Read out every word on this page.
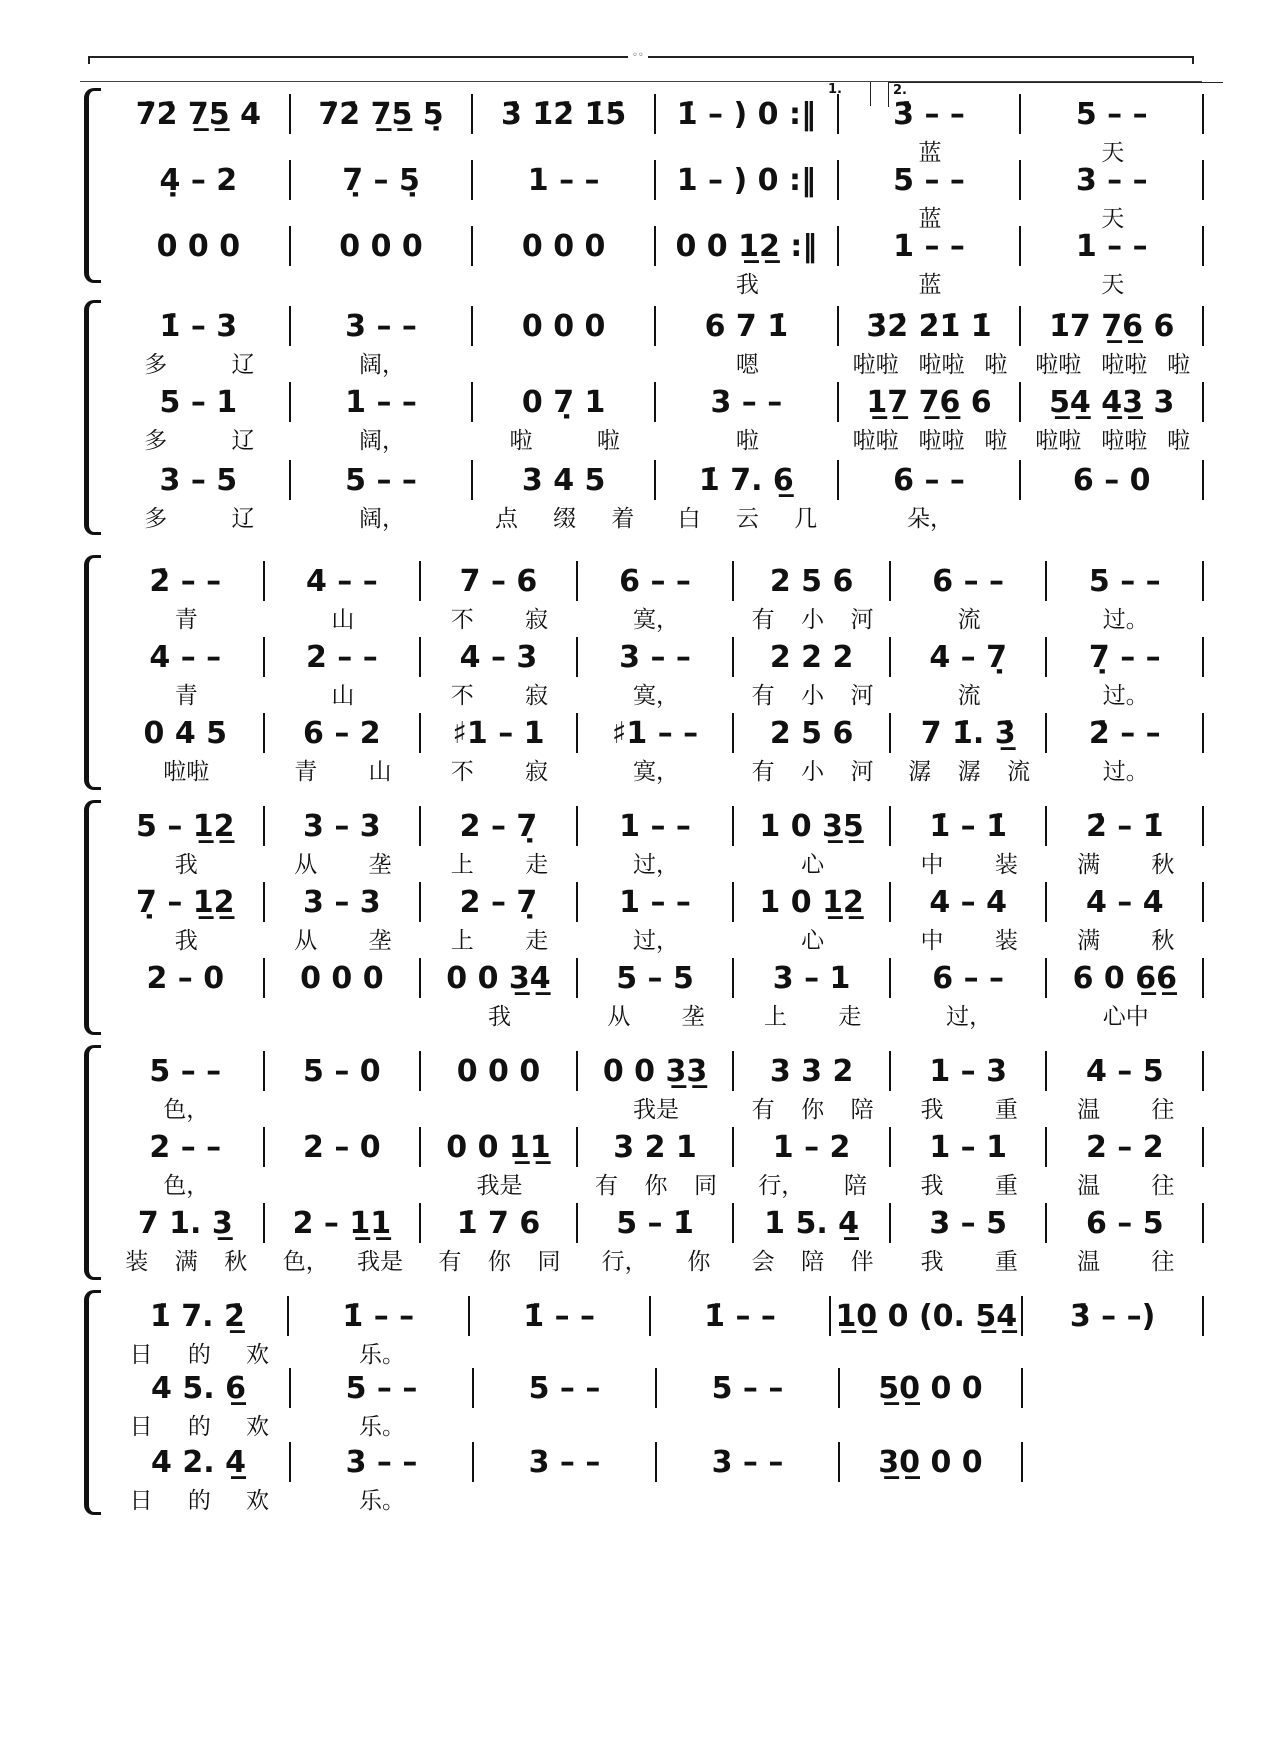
◦◦
1.	2.
7̇2̇ 7̲5̲ 4	7̇2̇ 7̲5̲ 5̣	3̇ 1̇2̇ 1̇5̇	1̇ – ) 0 :‖	3̇ – –	5 – –
蓝	天
4̣ – 2	7̣ – 5̣	1 – –	1 – ) 0 :‖	5 – –	3 – –
蓝	天
0 0 0	0 0 0	0 0 0	0 0 1̲2̲ :‖	1 – –	1 – –
我	蓝	天
1̇ – 3	3 – –	0 0 0	6 7 1̇	3̇2̇ 2̇1̇ 1̇	1̇7 7̲6̲ 6
多	辽	阔，	嗯	啦啦 啦啦 啦 啦啦 啦啦 啦
5 – 1	1 – –	0 7̣ 1	3 – –	1̲7̲ 7̲6̲ 6	5̲4̲ 4̲3̲ 3
多	辽	阔，	啦	啦	啦	啦啦 啦啦 啦 啦啦 啦啦 啦
3 – 5	5 – –	3 4 5	1̇ 7. 6̲	6 – –	6 – 0
多	辽	阔，	点 缀 着 白 云 几	朵，
2̇ – –	4 – –	7 – 6	6 – –	2 5 6	6 – –	5 – –
青	山	不 寂	寞，	有 小 河	流	过。
4 – –	2 – –	4 – 3	3 – –	2 2 2	4 – 7̣	7̣ – –
青	山	不 寂	寞，	有 小 河	流	过。
0 4 5	6 – 2	♯1 – 1	♯1 – –	2 5 6	7 1̇. 3̲̇	2̇ – –
啦啦	青 山	不 寂	寞，	有 小 河 潺 潺 流	过。
5 – 1̲2̲	3 – 3	2 – 7̣	1 – –	1 0 3̲5̲	1̇ – 1̇	2̇ – 1̇
我	从 垄	上 走	过，	心	中 装	满 秋
7̣ – 1̲2̲	3 – 3	2 – 7̣	1 – –	1 0 1̲2̲	4 – 4	4 – 4
我	从 垄	上 走	过，	心	中 装	满 秋
2 – 0	0 0 0	0 0 3̲4̲	5 – 5	3 – 1	6 – –	6 0 6̲6̲
我	从 垄	上 走	过，	心中
5 – –	5 – 0	0 0 0	0 0 3̲3̲	3 3 2	1 – 3	4 – 5
色，	我是	有 你 陪 我 重	温 往
2 – –	2 – 0	0 0 1̲1̲	3 2 1	1 – 2	1 – 1	2 – 2
色，	我是	有 你 同 行， 陪 我 重	温 往
7 1. 3̲	2 – 1̲1̲	1̇ 7 6	5 – 1̇	1 5. 4̲	3 – 5	6 – 5
装 满 秋 色， 我是 有 你 同 行， 你 会 陪 伴 我 重	温 往
1̇ 7. 2̲̇	1̇ – –	1̇ – –	1̇ – –	1̲0̲ 0 (0. 5̲4̲	3̇ – –)
日 的 欢	乐。
4 5. 6̲	5 – –	5 – –	5 – –	5̲0̲ 0 0
日 的 欢	乐。
4 2. 4̲	3 – –	3 – –	3 – –	3̲0̲ 0 0
日 的 欢	乐。
